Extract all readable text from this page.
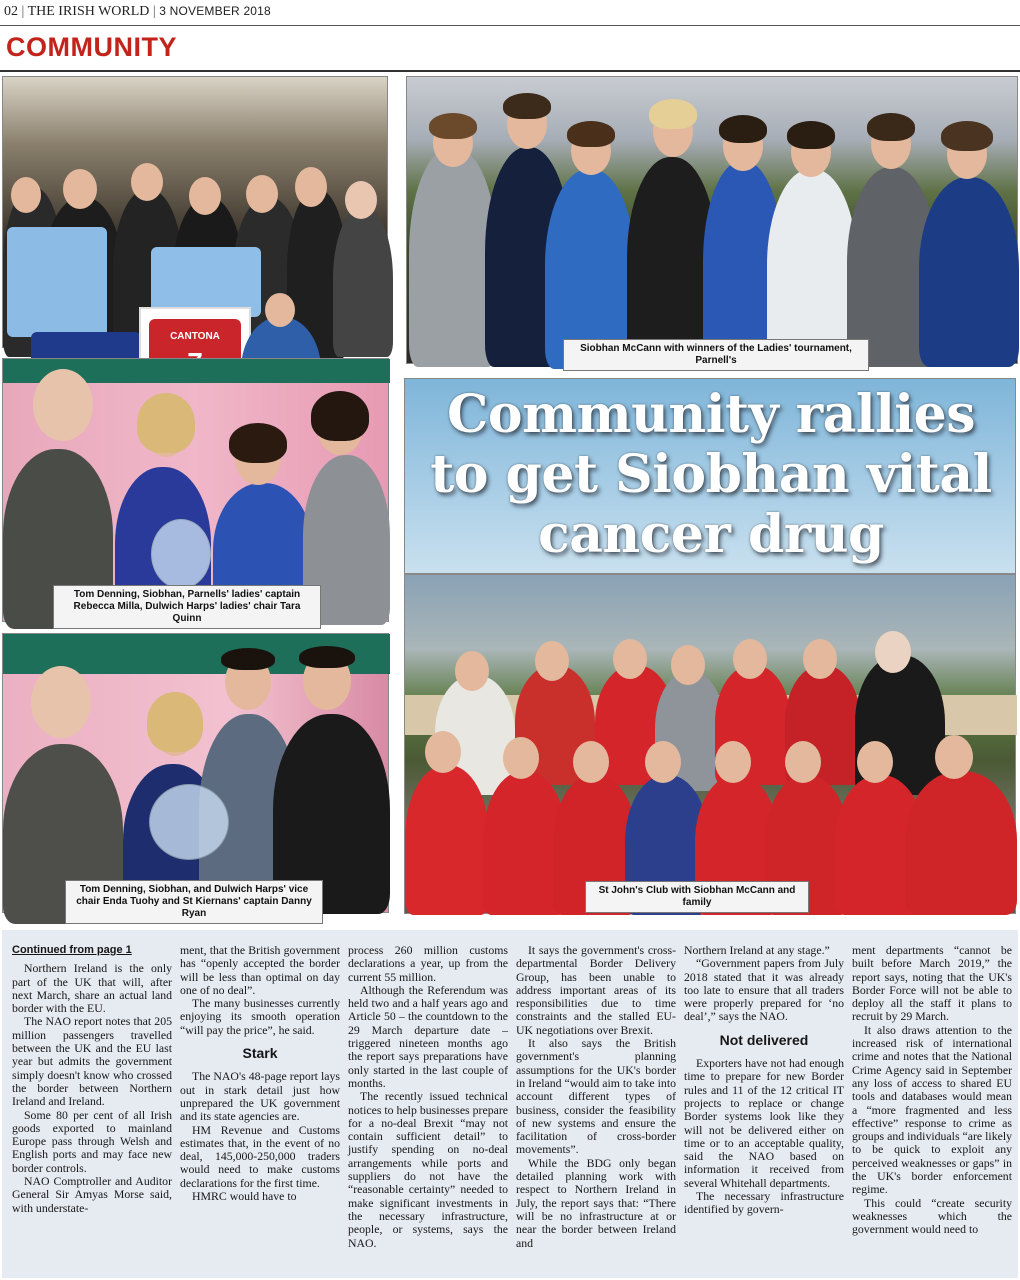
02 | THE IRISH WORLD | 3 NOVEMBER 2018
COMMUNITY
CANTONA
Siobhan McCann with winners of the Ladies' tournament, Parnell's
Tom Denning, Siobhan, Parnells' ladies' captain Rebecca Milla, Dulwich Harps' ladies' chair Tara Quinn
Tom Denning, Siobhan, and Dulwich Harps' vice chair Enda Tuohy and St Kiernans' captain Danny Ryan
Community rallies
to get Siobhan vital
cancer drug
St John's Club with Siobhan McCann and family
Continued from page 1

Northern Ireland is the only part of the UK that will, after next March, share an actual land border with the EU.

The NAO report notes that 205 million passengers travelled between the UK and the EU last year but admits the government simply doesn't know who crossed the border between Northern Ireland and Ireland.

Some 80 per cent of all Irish goods exported to mainland Europe pass through Welsh and English ports and may face new border controls.

NAO Comptroller and Auditor General Sir Amyas Morse said, with understate-

ment, that the British government has “openly accepted the border will be less than optimal on day one of no deal”.

The many businesses currently enjoying its smooth operation “will pay the price”, he said.

Stark

The NAO's 48-page report lays out in stark detail just how unprepared the UK government and its state agencies are.

HM Revenue and Customs estimates that, in the event of no deal, 145,000-250,000 traders would need to make customs declarations for the first time.

HMRC would have to

process 260 million customs declarations a year, up from the current 55 million.

Although the Referendum was held two and a half years ago and Article 50 – the countdown to the 29 March departure date – triggered nineteen months ago the report says preparations have only started in the last couple of months.

The recently issued technical notices to help businesses prepare for a no-deal Brexit “may not contain sufficient detail” to justify spending on no-deal arrangements while ports and suppliers do not have the “reasonable certainty” needed to make significant investments in the necessary infrastructure, people, or systems, says the NAO.

It says the government's cross-departmental Border Delivery Group, has been unable to address important areas of its responsibilities due to time constraints and the stalled EU-UK negotiations over Brexit.

It also says the British government's planning assumptions for the UK's border in Ireland “would aim to take into account different types of business, consider the feasibility of new systems and ensure the facilitation of cross-border movements”.

While the BDG only began detailed planning work with respect to Northern Ireland in July, the report says that: “There will be no infrastructure at or near the border between Ireland and

Northern Ireland at any stage.”

“Government papers from July 2018 stated that it was already too late to ensure that all traders were properly prepared for ‘no deal’,” says the NAO.

Not delivered

Exporters have not had enough time to prepare for new Border rules and 11 of the 12 critical IT projects to replace or change Border systems look like they will not be delivered either on time or to an acceptable quality, said the NAO based on information it received from several Whitehall departments.

The necessary infrastructure identified by govern-

ment departments “cannot be built before March 2019,” the report says, noting that the UK's Border Force will not be able to deploy all the staff it plans to recruit by 29 March.

It also draws attention to the increased risk of international crime and notes that the National Crime Agency said in September any loss of access to shared EU tools and databases would mean a “more fragmented and less effective” response to crime as groups and individuals “are likely to be quick to exploit any perceived weaknesses or gaps” in the UK's border enforcement regime.

This could “create security weaknesses which the government would need to
